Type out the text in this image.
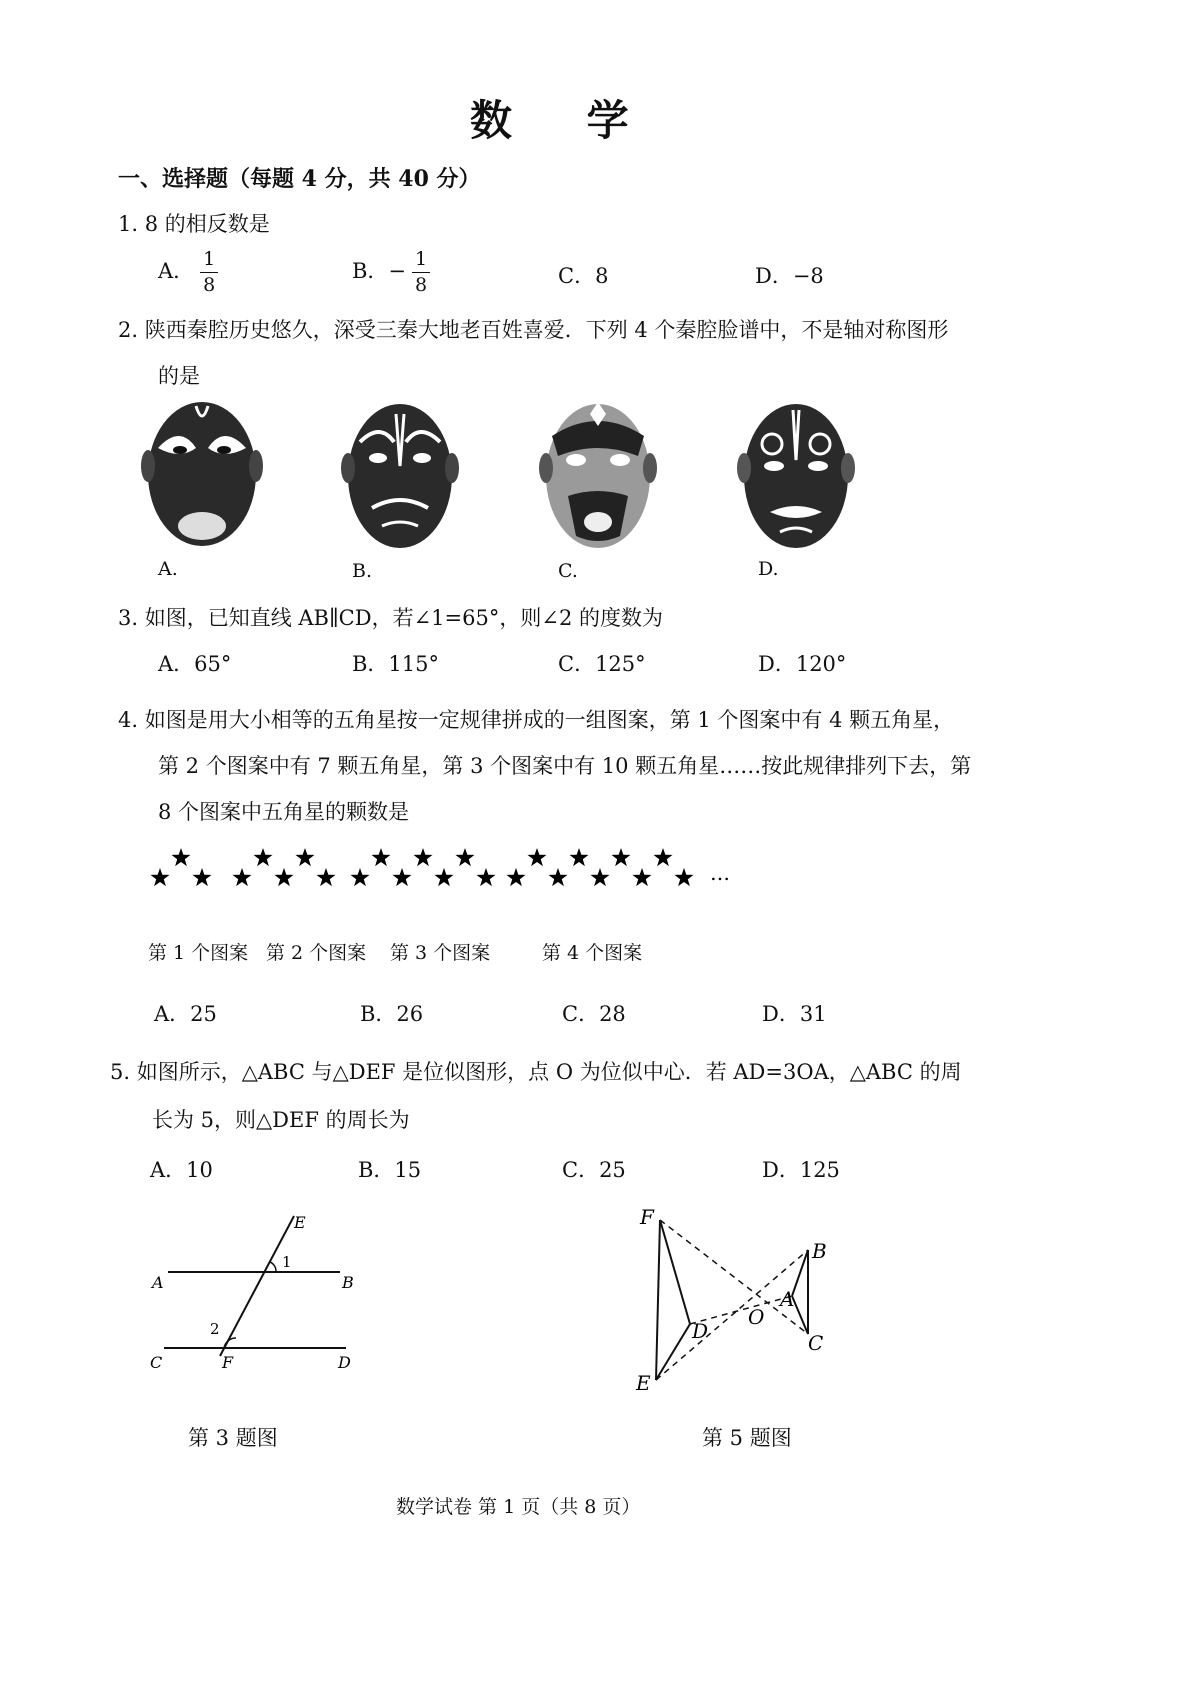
数 学
一、选择题（每题 4 分，共 40 分）
1. 8 的相反数是
A． $\frac{1}{8}$	B．− $\frac{1}{8}$	C．8	D．−8
2. 陕西秦腔历史悠久，深受三秦大地老百姓喜爱．下列 4 个秦腔脸谱中，不是轴对称图形
的是
A.	B.	C.	D.
3. 如图，已知直线 AB∥CD，若∠1=65°，则∠2 的度数为
A．65°	B．115°	C．125°	D．120°
4. 如图是用大小相等的五角星按一定规律拼成的一组图案，第 1 个图案中有 4 颗五角星，
第 2 个图案中有 7 颗五角星，第 3 个图案中有 10 颗五角星……按此规律排列下去，第
8 个图案中五角星的颗数是
…
第 1 个图案 第 2 个图案 第 3 个图案	第 4 个图案
A．25	B．26	C．28	D．31
5. 如图所示，△ABC 与△DEF 是位似图形，点 O 为位似中心．若 AD=3OA，△ABC 的周
长为 5，则△DEF 的周长为
A．10	B．15	C．25	D．125
E
1
A	B
2
C	F	D
第 3 题图
F
B
A
O
D	C
E
第 5 题图
数学试卷 第 1 页（共 8 页）
